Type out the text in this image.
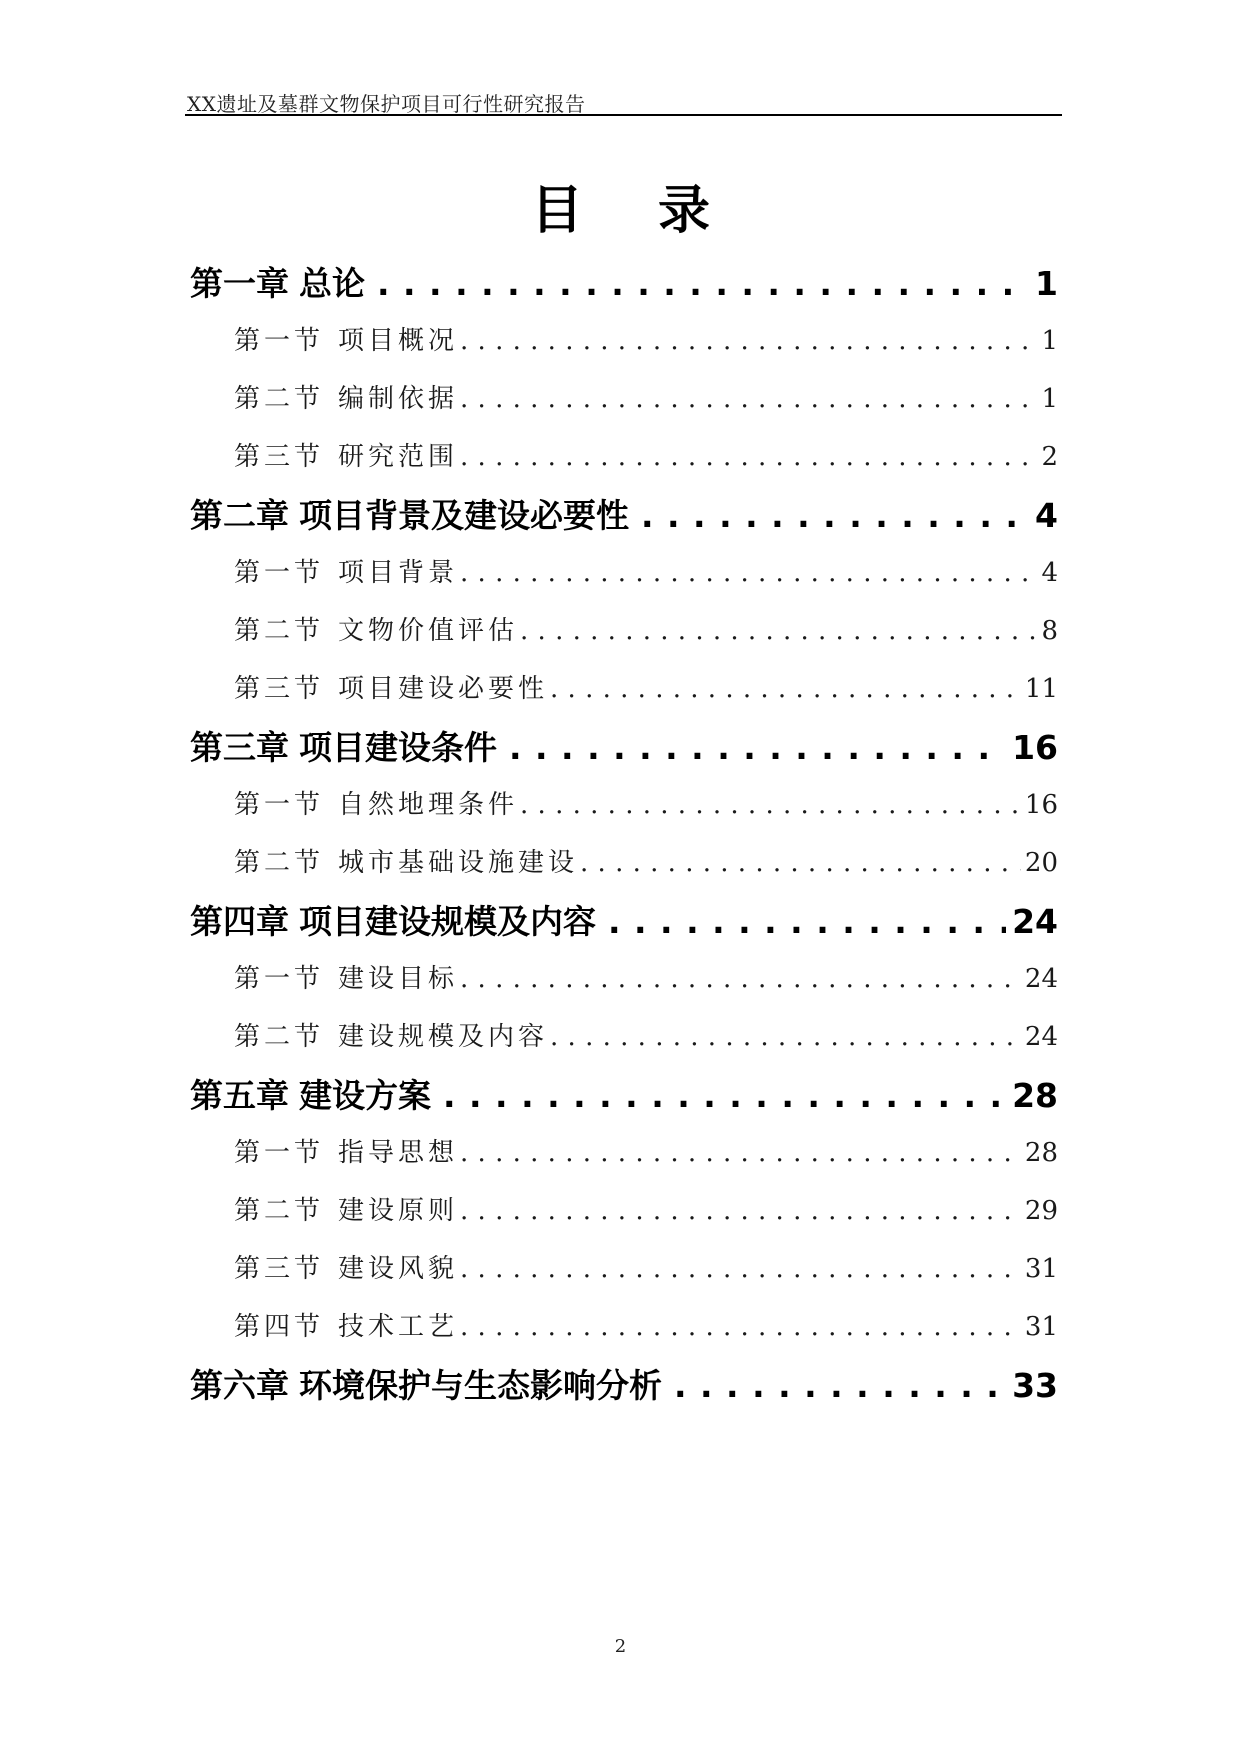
XX遗址及墓群文物保护项目可行性研究报告
目录
第一章 总论 . . .	1
第一节 项目概况 . . .	1
第二节 编制依据 . . .	1
第三节 研究范围 . . .	2
第二章 项目背景及建设必要性 . . .	4
第一节 项目背景 . . .	4
第二节 文物价值评估 . . .	8
第三节 项目建设必要性 . . .	11
第三章 项目建设条件 . . .	16
第一节 自然地理条件 . . .	16
第二节 城市基础设施建设 . . .	20
第四章 项目建设规模及内容 . . .	24
第一节 建设目标 . . .	24
第二节 建设规模及内容 . . .	24
第五章 建设方案 . . .	28
第一节 指导思想 . . .	28
第二节 建设原则 . . .	29
第三节 建设风貌 . . .	31
第四节 技术工艺 . . .	31
第六章 环境保护与生态影响分析 . . .	33
2
